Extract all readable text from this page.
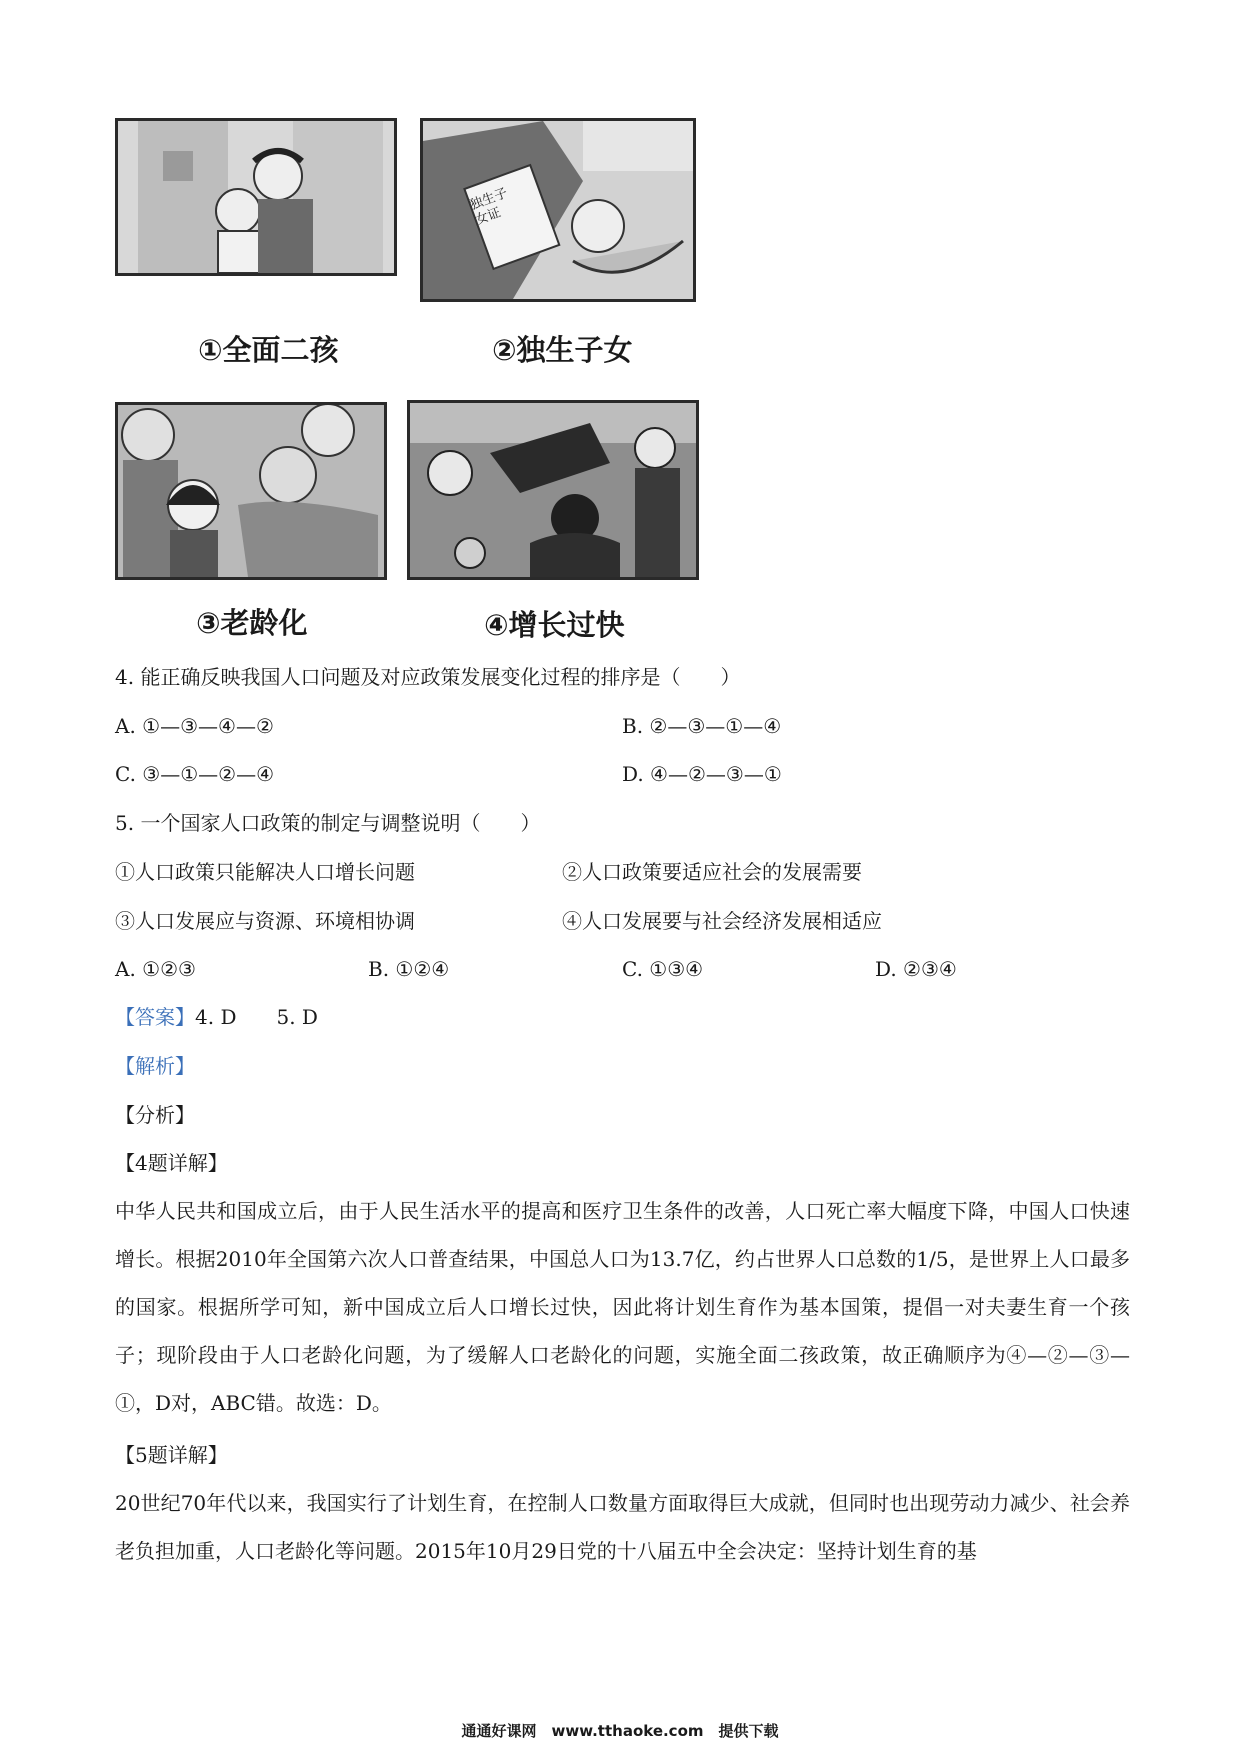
独生子女证
①全面二孩	②独生子女
③老龄化	④增长过快
4. 能正确反映我国人口问题及对应政策发展变化过程的排序是（　　）
A. ①—③—④—②	B. ②—③—①—④
C. ③—①—②—④	D. ④—②—③—①
5. 一个国家人口政策的制定与调整说明（　　）
①人口政策只能解决人口增长问题	②人口政策要适应社会的发展需要
③人口发展应与资源、环境相协调	④人口发展要与社会经济发展相适应
A. ①②③	B. ①②④	C. ①③④	D. ②③④
【答案】4. D　　5. D
【解析】
【分析】
【4题详解】
中华人民共和国成立后，由于人民生活水平的提高和医疗卫生条件的改善，人口死亡率大幅度下降，中国人口快速增长。根据2010年全国第六次人口普查结果，中国总人口为13.7亿，约占世界人口总数的1/5，是世界上人口最多的国家。根据所学可知，新中国成立后人口增长过快，因此将计划生育作为基本国策，提倡一对夫妻生育一个孩子；现阶段由于人口老龄化问题，为了缓解人口老龄化的问题，实施全面二孩政策，故正确顺序为④—②—③—①，D对，ABC错。故选：D。
【5题详解】
20世纪70年代以来，我国实行了计划生育，在控制人口数量方面取得巨大成就，但同时也出现劳动力减少、社会养老负担加重，人口老龄化等问题。2015年10月29日党的十八届五中全会决定：坚持计划生育的基
通通好课网　www.tthaoke.com　提供下载
